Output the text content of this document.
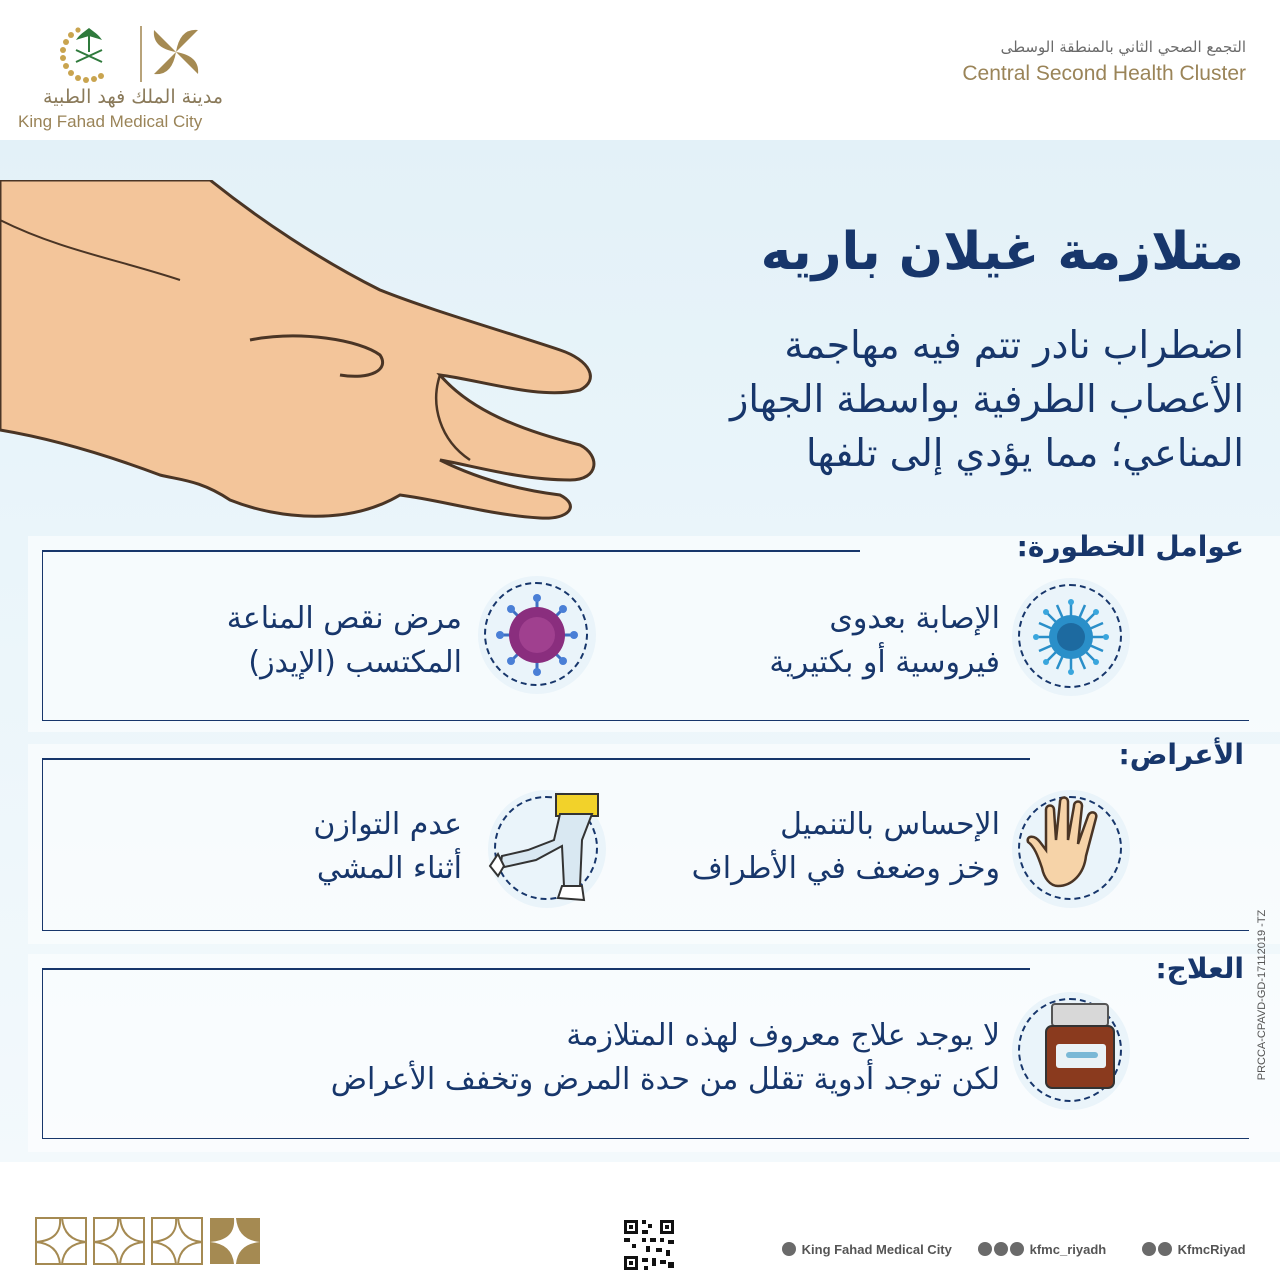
مدينة الملك فهد الطبية
King Fahad Medical City
التجمع الصحي الثاني بالمنطقة الوسطى
Central Second Health Cluster
متلازمة غيلان باريه
اضطراب نادر تتم فيه مهاجمة
الأعصاب الطرفية بواسطة الجهاز
المناعي؛ مما يؤدي إلى تلفها
عوامل الخطورة:
الإصابة بعدوى
فيروسية أو بكتيرية
مرض نقص المناعة
المكتسب (الإيدز)
الأعراض:
الإحساس بالتنميل
وخز وضعف في الأطراف
عدم التوازن
أثناء المشي
العلاج:
لا يوجد علاج معروف لهذه المتلازمة
لكن توجد أدوية تقلل من حدة المرض وتخفف الأعراض	PRCCA-CPAVD-GD-17112019 -TZ
King Fahad Medical City	kfmc_riyadh	KfmcRiyad
